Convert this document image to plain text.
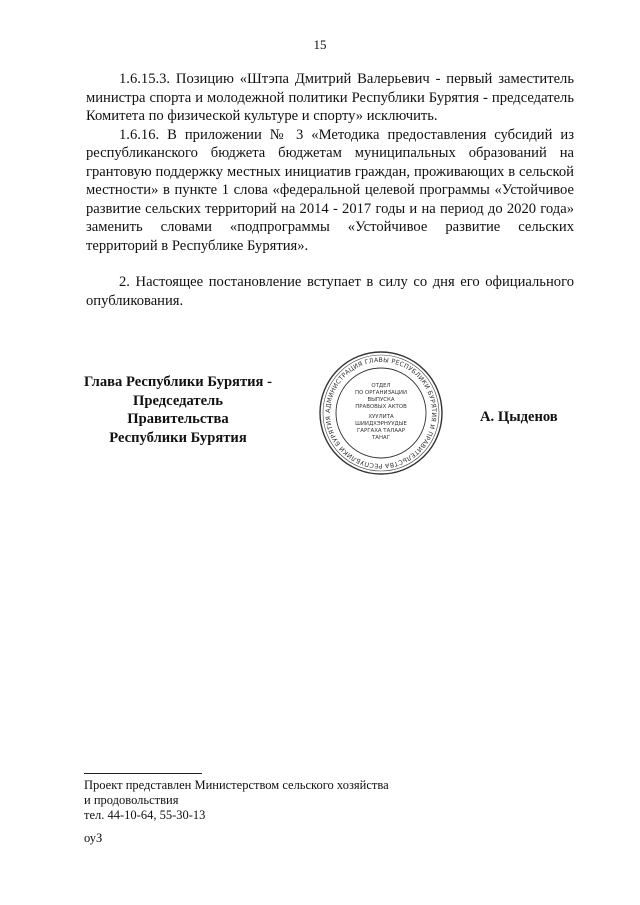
15

1.6.15.3. Позицию «Штэпа Дмитрий Валерьевич - первый заместитель министра спорта и молодежной политики Республики Бурятия - председатель Комитета по физической культуре и спорту» исключить.

1.6.16. В приложении № 3 «Методика предоставления субсидий из республиканского бюджета бюджетам муниципальных образований на грантовую поддержку местных инициатив граждан, проживающих в сельской местности» в пункте 1 слова «федеральной целевой программы «Устойчивое развитие сельских территорий на 2014 - 2017 годы и на период до 2020 года» заменить словами «подпрограммы «Устойчивое развитие сельских территорий в Республике Бурятия».

2. Настоящее постановление вступает в силу со дня его официального опубликования.

Глава Республики Бурятия -
Председатель Правительства
Республики Бурятия
АДМИНИСТРАЦИЯ ГЛАВЫ РЕСПУБЛИКИ БУРЯТИЯ И ПРАВИТЕЛЬСТВА РЕСПУБЛИКИ БУРЯТИЯ
ОТДЕЛ
ПО ОРГАНИЗАЦИИ
ВЫПУСКА
ПРАВОВЫХ АКТОВ
ХУУЛИТА
ШИИДХЭРНУУДЫЕ
ГАРГАХА ТАЛААР
ТАНАГ
А. Цыденов
Проект представлен Министерством сельского хозяйства
и продовольствия
тел. 44-10-64, 55-30-13
оуЗ
